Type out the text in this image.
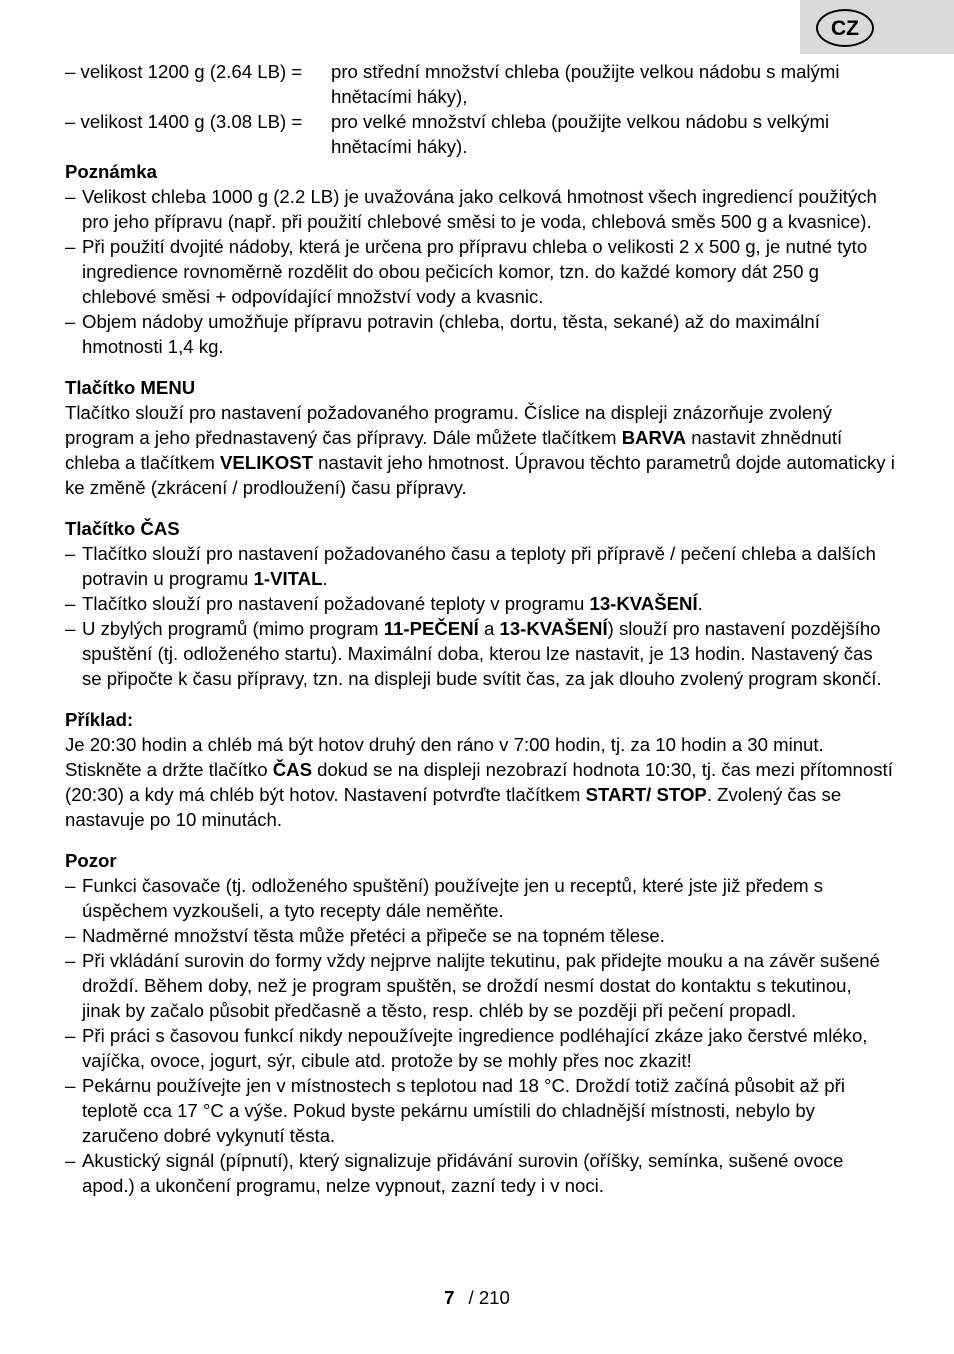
CZ
– velikost 1200 g (2.64 LB) =	pro střední množství chleba (použijte velkou nádobu s malými hnětacími háky),
– velikost 1400 g (3.08 LB) =	pro velké množství chleba (použijte velkou nádobu s velkými hnětacími háky).

Poznámka

– Velikost chleba 1000 g (2.2 LB) je uvažována jako celková hmotnost všech ingrediencí použitých pro jeho přípravu (např. při použití chlebové směsi to je voda, chlebová směs 500 g a kvasnice).

– Při použití dvojité nádoby, která je určena pro přípravu chleba o velikosti 2 x 500 g, je nutné tyto ingredience rovnoměrně rozdělit do obou pečicích komor, tzn. do každé komory dát 250 g chlebové směsi + odpovídající množství vody a kvasnic.

– Objem nádoby umožňuje přípravu potravin (chleba, dortu, těsta, sekané) až do maximální hmotnosti 1,4 kg.

Tlačítko MENU

Tlačítko slouží pro nastavení požadovaného programu. Číslice na displeji znázorňuje zvolený program a jeho přednastavený čas přípravy. Dále můžete tlačítkem BARVA nastavit zhnědnutí chleba a tlačítkem VELIKOST nastavit jeho hmotnost. Úpravou těchto parametrů dojde automaticky i ke změně (zkrácení / prodloužení) času přípravy.

Tlačítko ČAS

– Tlačítko slouží pro nastavení požadovaného času a teploty při přípravě / pečení chleba a dalších potravin u programu 1-VITAL.

– Tlačítko slouží pro nastavení požadované teploty v programu 13-KVAŠENÍ.

– U zbylých programů (mimo program 11-PEČENÍ a 13-KVAŠENÍ) slouží pro nastavení pozdějšího spuštění (tj. odloženého startu). Maximální doba, kterou lze nastavit, je 13 hodin. Nastavený čas se připočte k času přípravy, tzn. na displeji bude svítit čas, za jak dlouho zvolený program skončí.

Příklad:

Je 20:30 hodin a chléb má být hotov druhý den ráno v 7:00 hodin, tj. za 10 hodin a 30 minut. Stiskněte a držte tlačítko ČAS dokud se na displeji nezobrazí hodnota 10:30, tj. čas mezi přítomností (20:30) a kdy má chléb být hotov. Nastavení potvrďte tlačítkem START/ STOP. Zvolený čas se nastavuje po 10 minutách.

Pozor

– Funkci časovače (tj. odloženého spuštění) používejte jen u receptů, které jste již předem s úspěchem vyzkoušeli, a tyto recepty dále neměňte.

– Nadměrné množství těsta může přetéci a připeče se na topném tělese.

– Při vkládání surovin do formy vždy nejprve nalijte tekutinu, pak přidejte mouku a na závěr sušené droždí. Během doby, než je program spuštěn, se droždí nesmí dostat do kontaktu s tekutinou, jinak by začalo působit předčasně a těsto, resp. chléb by se později při pečení propadl.

– Při práci s časovou funkcí nikdy nepoužívejte ingredience podléhající zkáze jako čerstvé mléko, vajíčka, ovoce, jogurt, sýr, cibule atd. protože by se mohly přes noc zkazit!

– Pekárnu používejte jen v místnostech s teplotou nad 18 °C. Droždí totiž začíná působit až při teplotě cca 17 °C a výše. Pokud byste pekárnu umístili do chladnější místnosti, nebylo by zaručeno dobré vykynutí těsta.

– Akustický signál (pípnutí), který signalizuje přidávání surovin (oříšky, semínka, sušené ovoce apod.) a ukončení programu, nelze vypnout, zazní tedy i v noci.

7 / 210
